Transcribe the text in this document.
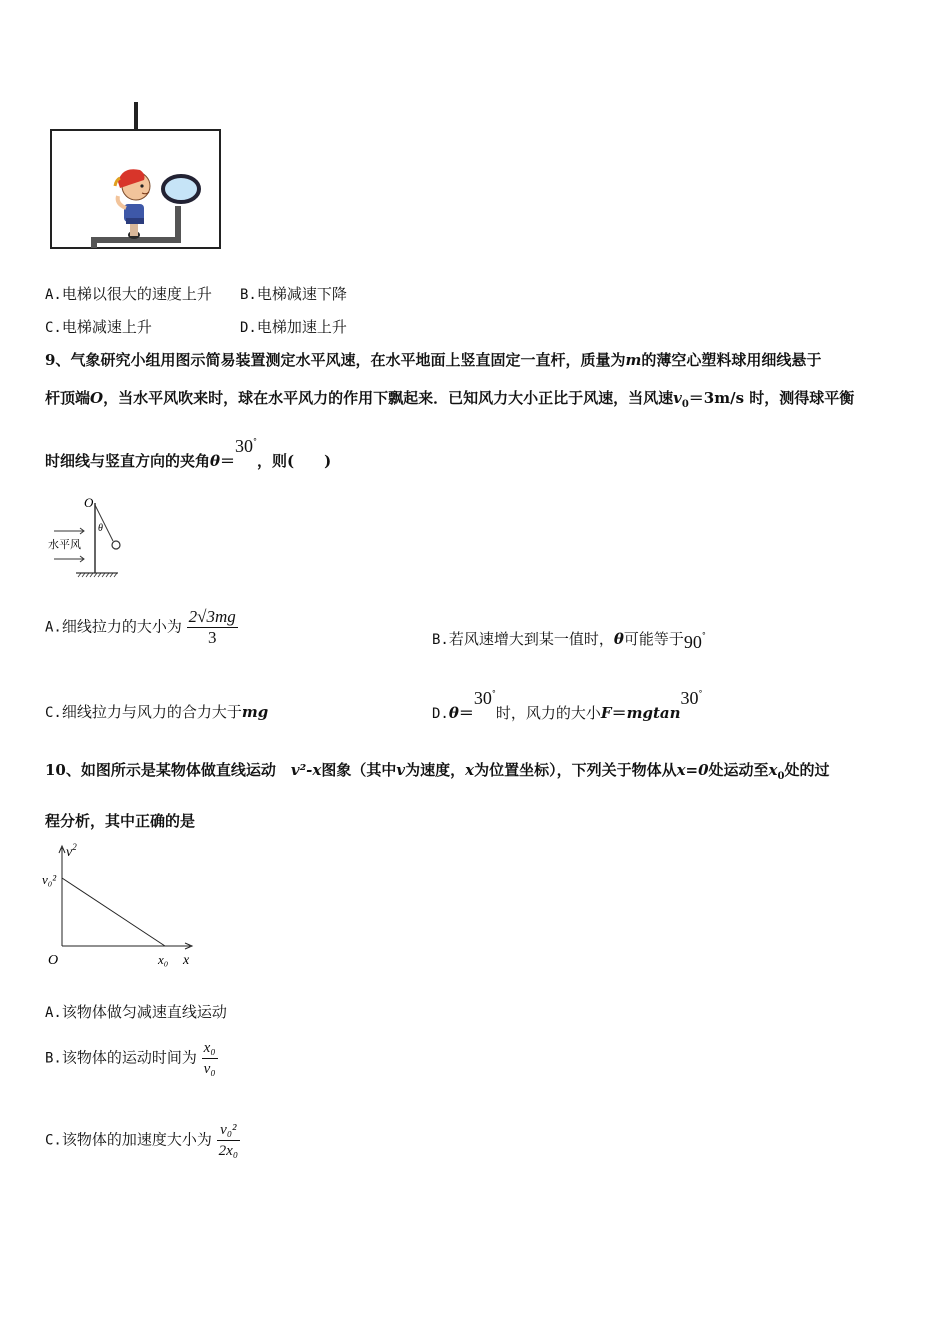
A.电梯以很大的速度上升 B.电梯减速下降
C.电梯减速上升	D.电梯加速上升
9、气象研究小组用图示简易装置测定水平风速，在水平地面上竖直固定一直杆，质量为m的薄空心塑料球用细线悬于
杆顶端O，当水平风吹来时，球在水平风力的作用下飘起来．已知风力大小正比于风速，当风速$v_0=3m/s$ 时，测得球平衡
时细线与竖直方向的夹角θ＝30°，则(　　)
O
θ
水平风
A.细线拉力的大小为 $\frac{2√3mg}{3}$	B.若风速增大到某一值时，θ可能等于90°
C.细线拉力与风力的合力大于mg	D.θ＝30°时，风力的大小F＝mgtan30°
10、如图所示是某物体做直线运动　v²-x图象（其中v为速度，x为位置坐标），下列关于物体从x=0处运动至$x_0$处的过
程分析，其中正确的是
$v^2$
x
O
v₀²
x₀
A.该物体做匀减速直线运动
B.该物体的运动时间为 $\frac{\text{x₀}}{\text{v₀}}$
C.该物体的加速度大小为 $\frac{\text{v₀²}}{\text{2x₀}}$
